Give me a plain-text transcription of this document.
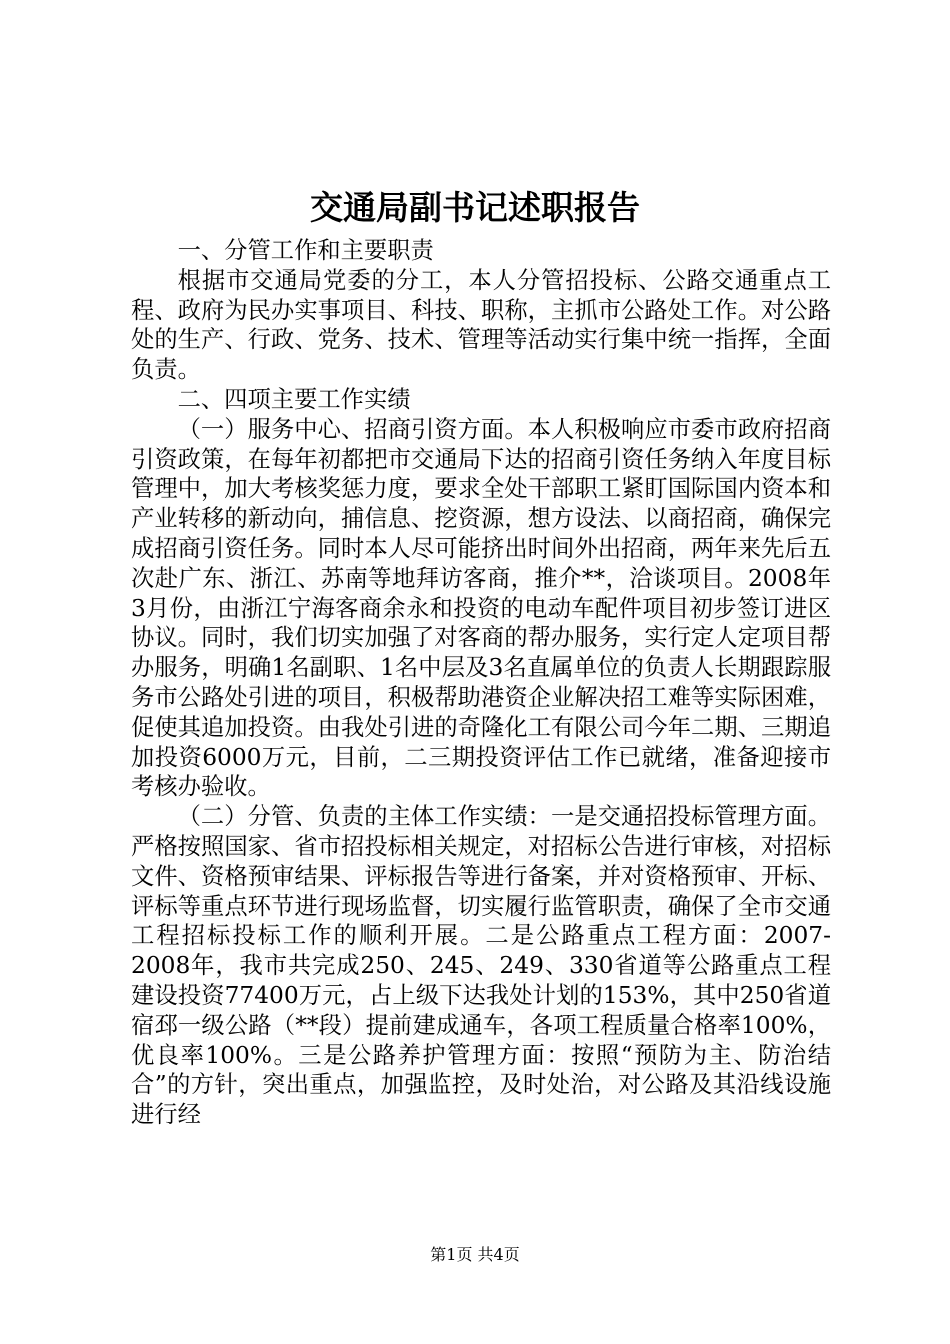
交通局副书记述职报告

一、分管工作和主要职责

根据市交通局党委的分工，本人分管招投标、公路交通重点工程、政府为民办实事项目、科技、职称，主抓市公路处工作。对公路处的生产、行政、党务、技术、管理等活动实行集中统一指挥，全面负责。

二、四项主要工作实绩

（一）服务中心、招商引资方面。本人积极响应市委市政府招商引资政策，在每年初都把市交通局下达的招商引资任务纳入年度目标管理中，加大考核奖惩力度，要求全处干部职工紧盯国际国内资本和产业转移的新动向，捕信息、挖资源，想方设法、以商招商，确保完成招商引资任务。同时本人尽可能挤出时间外出招商，两年来先后五次赴广东、浙江、苏南等地拜访客商，推介**，洽谈项目。2008年3月份，由浙江宁海客商余永和投资的电动车配件项目初步签订进区协议。同时，我们切实加强了对客商的帮办服务，实行定人定项目帮办服务，明确1名副职、1名中层及3名直属单位的负责人长期跟踪服务市公路处引进的项目，积极帮助港资企业解决招工难等实际困难，促使其追加投资。由我处引进的奇隆化工有限公司今年二期、三期追加投资6000万元，目前，二三期投资评估工作已就绪，准备迎接市考核办验收。

（二）分管、负责的主体工作实绩：一是交通招投标管理方面。严格按照国家、省市招投标相关规定，对招标公告进行审核，对招标文件、资格预审结果、评标报告等进行备案，并对资格预审、开标、评标等重点环节进行现场监督，切实履行监管职责，确保了全市交通工程招标投标工作的顺利开展。二是公路重点工程方面：2007-2008年，我市共完成250、245、249、330省道等公路重点工程建设投资77400万元，占上级下达我处计划的153%，其中250省道宿邳一级公路（**段）提前建成通车，各项工程质量合格率100%，优良率100%。三是公路养护管理方面：按照“预防为主、防治结合”的方针，突出重点，加强监控，及时处治，对公路及其沿线设施进行经

第1页 共4页
